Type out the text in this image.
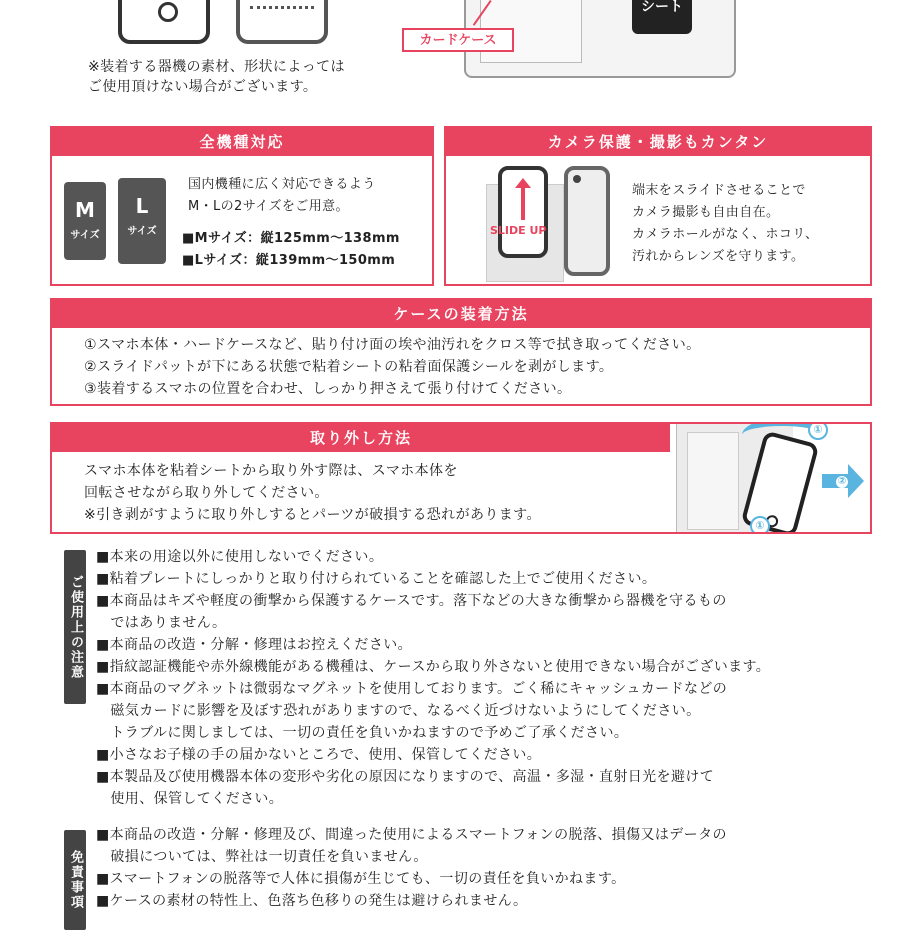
シート
カードケース
※装着する器機の素材、形状によっては
ご使用頂けない場合がございます。
全機種対応
M
サイズ
L
サイズ
国内機種に広く対応できるよう
M・Lの2サイズをご用意。
■Mサイズ：縦125mm～138mm
■Lサイズ：縦139mm～150mm
カメラ保護・撮影もカンタン
SLIDE UP
端末をスライドさせることで
カメラ撮影も自由自在。
カメラホールがなく、ホコリ、
汚れからレンズを守ります。
ケースの装着方法
①スマホ本体・ハードケースなど、貼り付け面の埃や油汚れをクロス等で拭き取ってください。
②スライドパットが下にある状態で粘着シートの粘着面保護シールを剥がします。
③装着するスマホの位置を合わせ、しっかり押さえて張り付けてください。
取り外し方法
スマホ本体を粘着シートから取り外す際は、スマホ本体を
回転させながら取り外してください。
※引き剥がすように取り外しするとパーツが破損する恐れがあります。
①
①
②
ご使用上の注意
■本来の用途以外に使用しないでください。
■粘着プレートにしっかりと取り付けられていることを確認した上でご使用ください。
■本商品はキズや軽度の衝撃から保護するケースです。落下などの大きな衝撃から器機を守るもの
　ではありません。
■本商品の改造・分解・修理はお控えください。
■指紋認証機能や赤外線機能がある機種は、ケースから取り外さないと使用できない場合がございます。
■本商品のマグネットは微弱なマグネットを使用しております。ごく稀にキャッシュカードなどの
　磁気カードに影響を及ぼす恐れがありますので、なるべく近づけないようにしてください。
　トラブルに関しましては、一切の責任を負いかねますので予めご了承ください。
■小さなお子様の手の届かないところで、使用、保管してください。
■本製品及び使用機器本体の変形や劣化の原因になりますので、高温・多湿・直射日光を避けて
　使用、保管してください。
免責事項
■本商品の改造・分解・修理及び、間違った使用によるスマートフォンの脱落、損傷又はデータの
　破損については、弊社は一切責任を負いません。
■スマートフォンの脱落等で人体に損傷が生じても、一切の責任を負いかねます。
■ケースの素材の特性上、色落ち色移りの発生は避けられません。
